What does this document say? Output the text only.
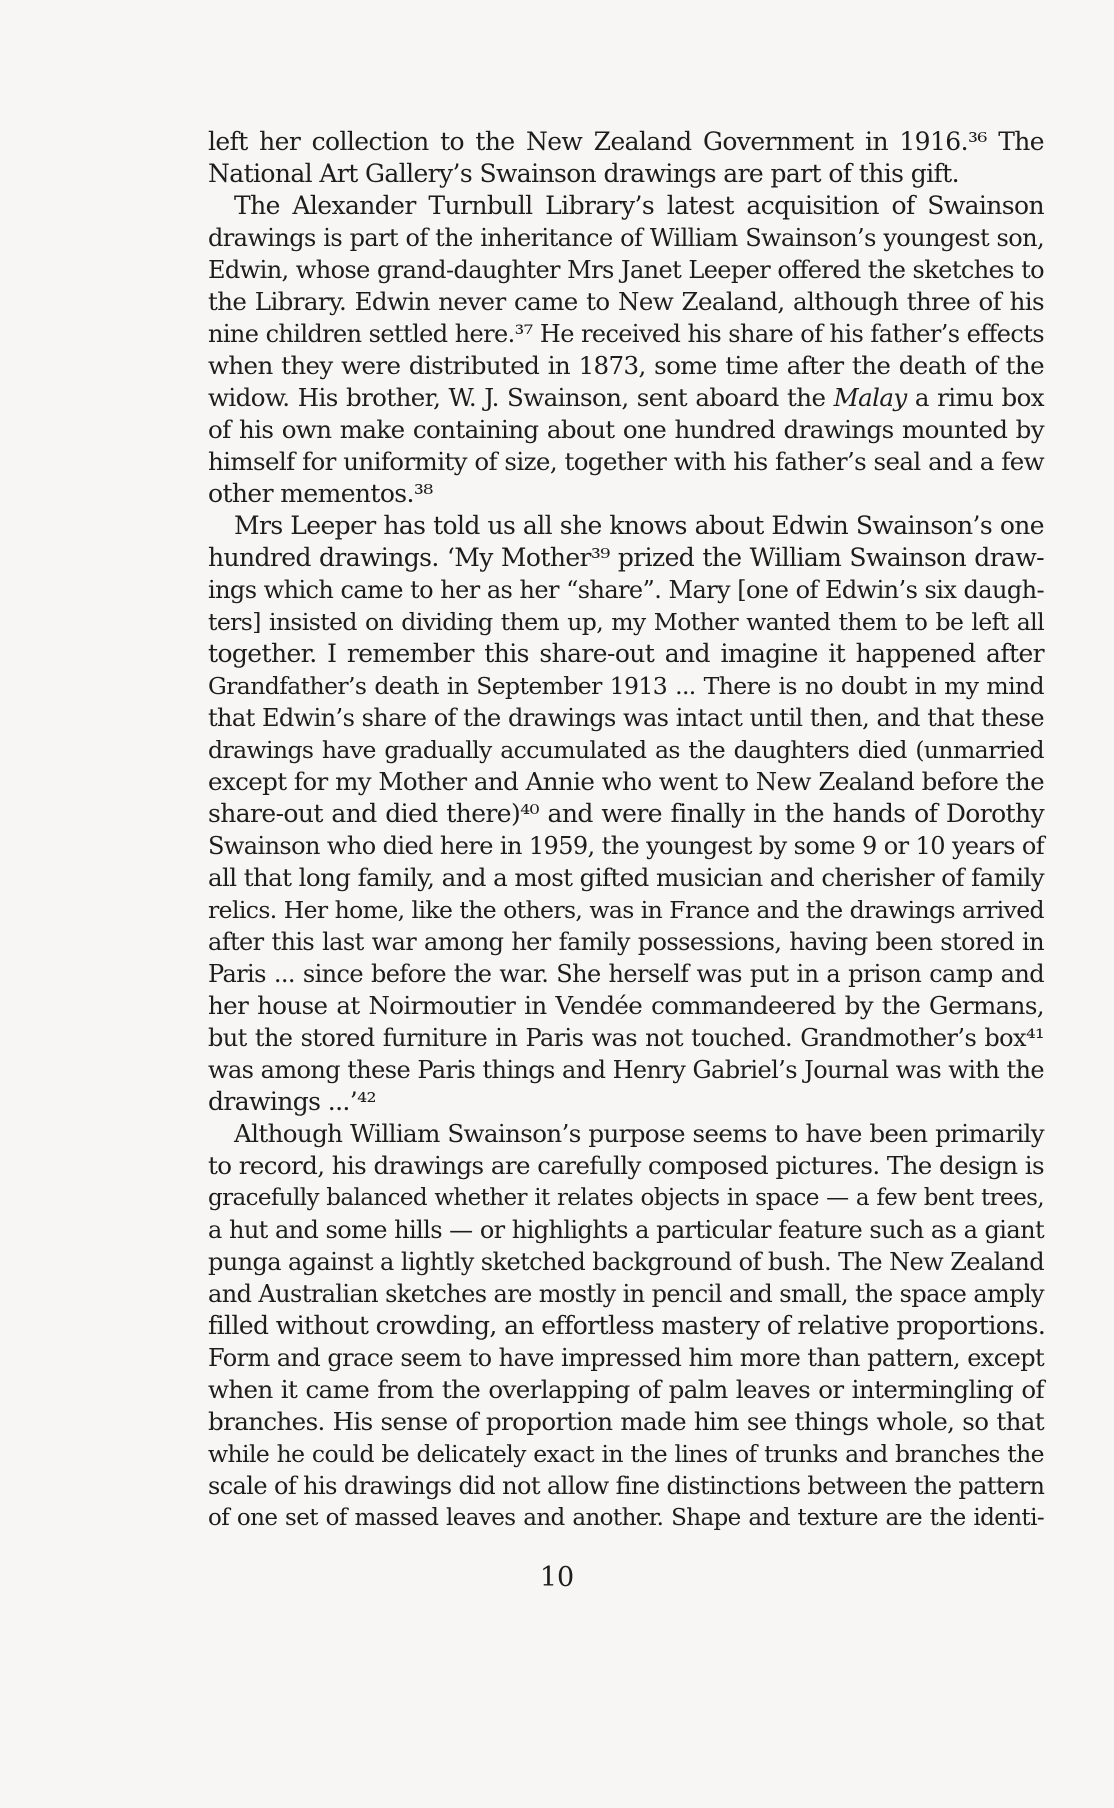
left her collection to the New Zealand Government in 1916.³⁶ The
National Art Gallery’s Swainson drawings are part of this gift.
The Alexander Turnbull Library’s latest acquisition of Swainson
drawings is part of the inheritance of William Swainson’s youngest son,
Edwin, whose grand-daughter Mrs Janet Leeper offered the sketches to
the Library. Edwin never came to New Zealand, although three of his
nine children settled here.³⁷ He received his share of his father’s effects
when they were distributed in 1873, some time after the death of the
widow. His brother, W. J. Swainson, sent aboard the Malay a rimu box
of his own make containing about one hundred drawings mounted by
himself for uniformity of size, together with his father’s seal and a few
other mementos.³⁸
Mrs Leeper has told us all she knows about Edwin Swainson’s one
hundred drawings. ‘My Mother³⁹ prized the William Swainson draw-
ings which came to her as her “share”. Mary [one of Edwin’s six daugh-
ters] insisted on dividing them up, my Mother wanted them to be left all
together. I remember this share-out and imagine it happened after
Grandfather’s death in September 1913 ... There is no doubt in my mind
that Edwin’s share of the drawings was intact until then, and that these
drawings have gradually accumulated as the daughters died (unmarried
except for my Mother and Annie who went to New Zealand before the
share-out and died there)⁴⁰ and were finally in the hands of Dorothy
Swainson who died here in 1959, the youngest by some 9 or 10 years of
all that long family, and a most gifted musician and cherisher of family
relics. Her home, like the others, was in France and the drawings arrived
after this last war among her family possessions, having been stored in
Paris ... since before the war. She herself was put in a prison camp and
her house at Noirmoutier in Vendée commandeered by the Germans,
but the stored furniture in Paris was not touched. Grandmother’s box⁴¹
was among these Paris things and Henry Gabriel’s Journal was with the
drawings ...’⁴²
Although William Swainson’s purpose seems to have been primarily
to record, his drawings are carefully composed pictures. The design is
gracefully balanced whether it relates objects in space — a few bent trees,
a hut and some hills — or highlights a particular feature such as a giant
punga against a lightly sketched background of bush. The New Zealand
and Australian sketches are mostly in pencil and small, the space amply
filled without crowding, an effortless mastery of relative proportions.
Form and grace seem to have impressed him more than pattern, except
when it came from the overlapping of palm leaves or intermingling of
branches. His sense of proportion made him see things whole, so that
while he could be delicately exact in the lines of trunks and branches the
scale of his drawings did not allow fine distinctions between the pattern
of one set of massed leaves and another. Shape and texture are the identi-
10
